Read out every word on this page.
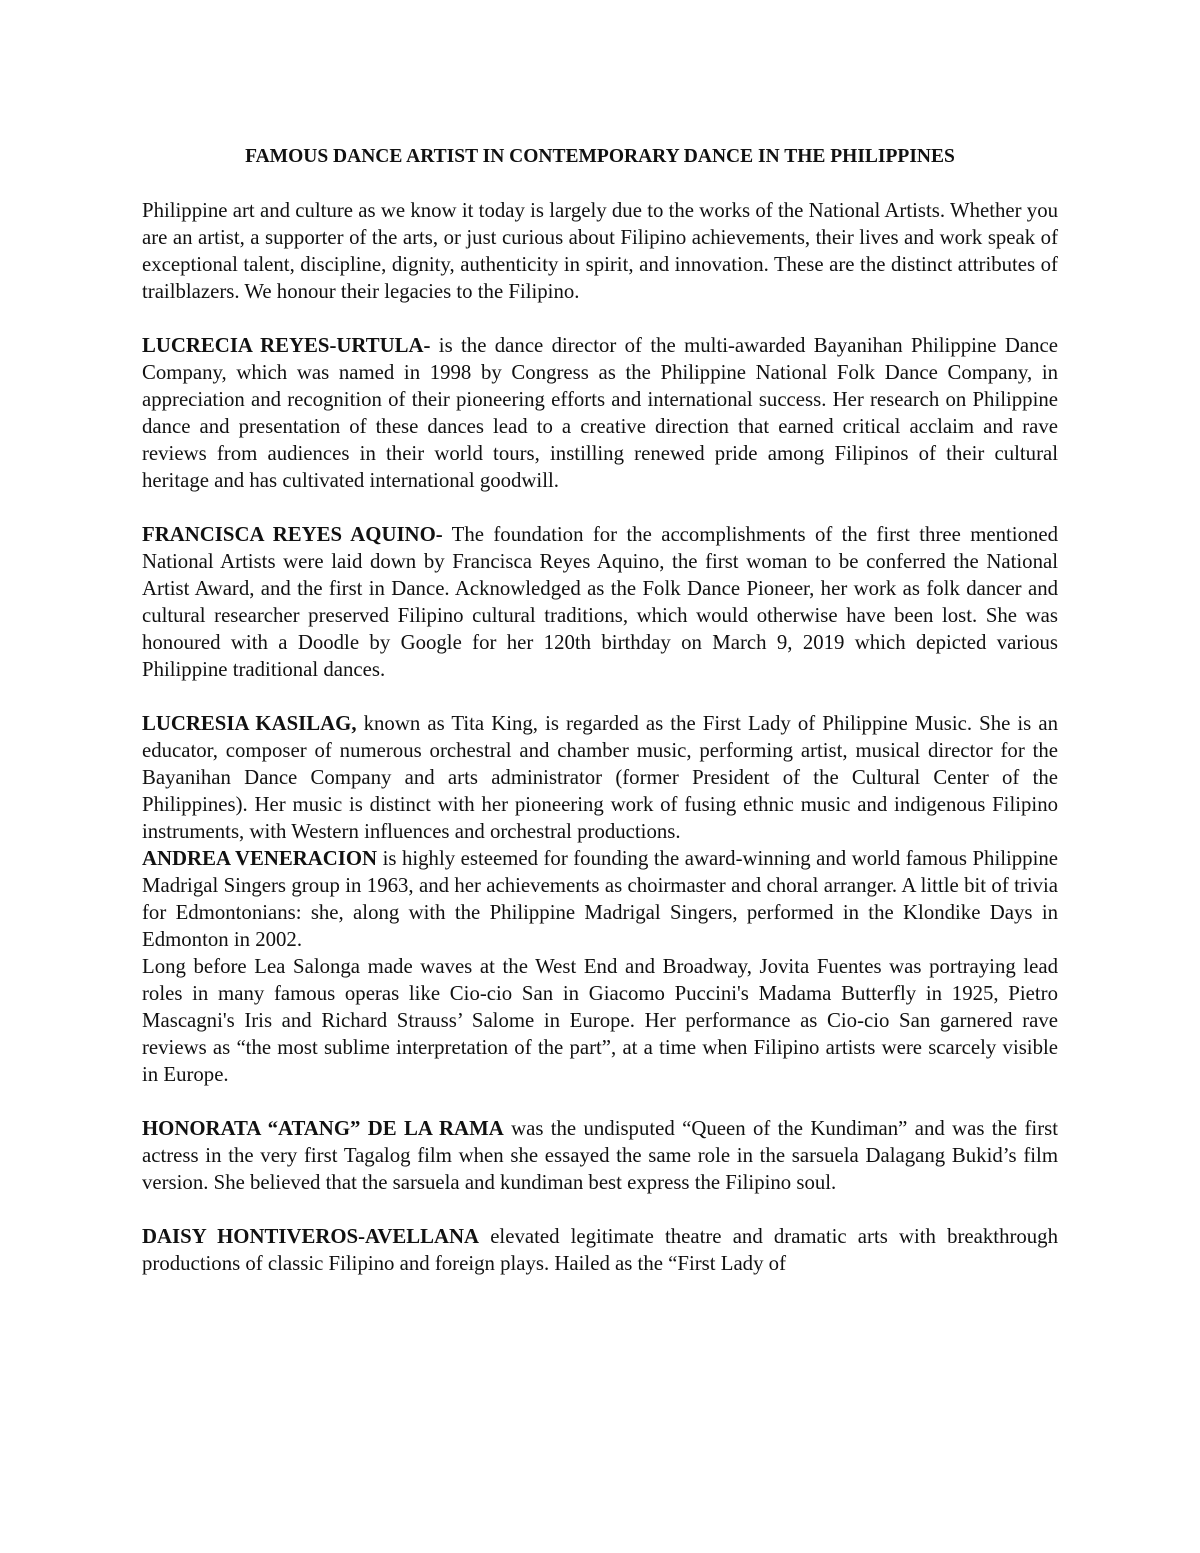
FAMOUS DANCE ARTIST IN CONTEMPORARY DANCE IN THE PHILIPPINES

Philippine art and culture as we know it today is largely due to the works of the National Artists. Whether you are an artist, a supporter of the arts, or just curious about Filipino achievements, their lives and work speak of exceptional talent, discipline, dignity, authenticity in spirit, and innovation. These are the distinct attributes of trailblazers. We honour their legacies to the Filipino.

LUCRECIA REYES-URTULA- is the dance director of the multi-awarded Bayanihan Philippine Dance Company, which was named in 1998 by Congress as the Philippine National Folk Dance Company, in appreciation and recognition of their pioneering efforts and international success. Her research on Philippine dance and presentation of these dances lead to a creative direction that earned critical acclaim and rave reviews from audiences in their world tours, instilling renewed pride among Filipinos of their cultural heritage and has cultivated international goodwill.

FRANCISCA REYES AQUINO- The foundation for the accomplishments of the first three mentioned National Artists were laid down by Francisca Reyes Aquino, the first woman to be conferred the National Artist Award, and the first in Dance. Acknowledged as the Folk Dance Pioneer, her work as folk dancer and cultural researcher preserved Filipino cultural traditions, which would otherwise have been lost. She was honoured with a Doodle by Google for her 120th birthday on March 9, 2019 which depicted various Philippine traditional dances.

LUCRESIA KASILAG, known as Tita King, is regarded as the First Lady of Philippine Music. She is an educator, composer of numerous orchestral and chamber music, performing artist, musical director for the Bayanihan Dance Company and arts administrator (former President of the Cultural Center of the Philippines). Her music is distinct with her pioneering work of fusing ethnic music and indigenous Filipino instruments, with Western influences and orchestral productions.

ANDREA VENERACION is highly esteemed for founding the award-winning and world famous Philippine Madrigal Singers group in 1963, and her achievements as choirmaster and choral arranger. A little bit of trivia for Edmontonians: she, along with the Philippine Madrigal Singers, performed in the Klondike Days in Edmonton in 2002.

Long before Lea Salonga made waves at the West End and Broadway, Jovita Fuentes was portraying lead roles in many famous operas like Cio-cio San in Giacomo Puccini's Madama Butterfly in 1925, Pietro Mascagni's Iris and Richard Strauss’ Salome in Europe. Her performance as Cio-cio San garnered rave reviews as “the most sublime interpretation of the part”, at a time when Filipino artists were scarcely visible in Europe.

HONORATA “ATANG” DE LA RAMA was the undisputed “Queen of the Kundiman” and was the first actress in the very first Tagalog film when she essayed the same role in the sarsuela Dalagang Bukid’s film version. She believed that the sarsuela and kundiman best express the Filipino soul.

DAISY HONTIVEROS-AVELLANA elevated legitimate theatre and dramatic arts with breakthrough productions of classic Filipino and foreign plays. Hailed as the “First Lady of
